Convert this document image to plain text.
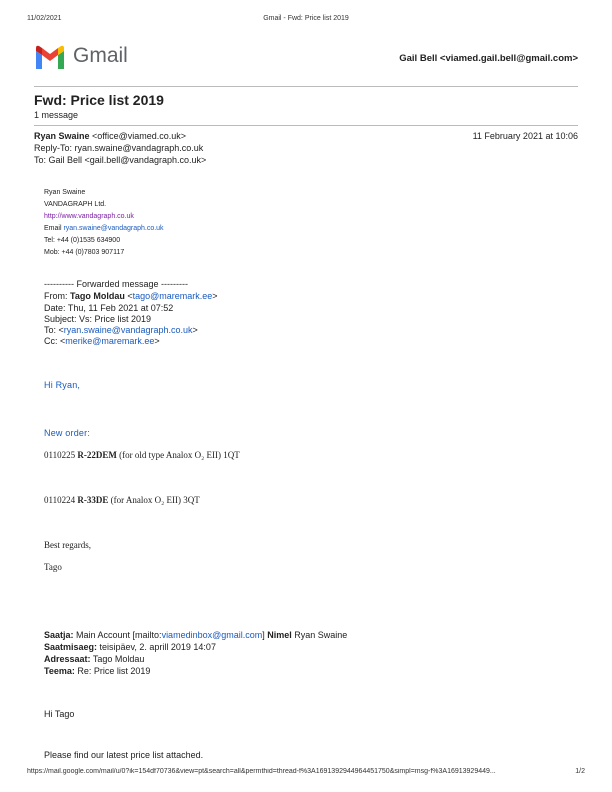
11/02/2021	Gmail - Fwd: Price list 2019
Gmail	Gail Bell <viamed.gail.bell@gmail.com>
Fwd: Price list 2019
1 message
Ryan Swaine <office@viamed.co.uk>	11 February 2021 at 10:06
Reply-To: ryan.swaine@vandagraph.co.uk
To: Gail Bell <gail.bell@vandagraph.co.uk>
Ryan Swaine
VANDAGRAPH Ltd.
http://www.vandagraph.co.uk
Email ryan.swaine@vandagraph.co.uk
Tel: +44 (0)1535 634900
Mob: +44 (0)7803 907117
---------- Forwarded message ---------
From: Tago Moldau <tago@maremark.ee>
Date: Thu, 11 Feb 2021 at 07:52
Subject: Vs: Price list 2019
To: <ryan.swaine@vandagraph.co.uk>
Cc: <merike@maremark.ee>
Hi Ryan,
New order:
0110225 R-22DEM (for old type Analox O₂ EII) 1QT
0110224 R-33DE (for Analox O₂ EII) 3QT
Best regards,
Tago
Saatja: Main Account [mailto:viamedinbox@gmail.com] Nimel Ryan Swaine
Saatmisaeg: teisipäev, 2. aprill 2019 14:07
Adressaat: Tago Moldau
Teema: Re: Price list 2019
Hi Tago
Please find our latest price list attached.
https://mail.google.com/mail/u/0?ik=154df70736&view=pt&search=all&permthid=thread-f%3A1691392944964451750&simpl=msg-f%3A16913929449...	1/2
